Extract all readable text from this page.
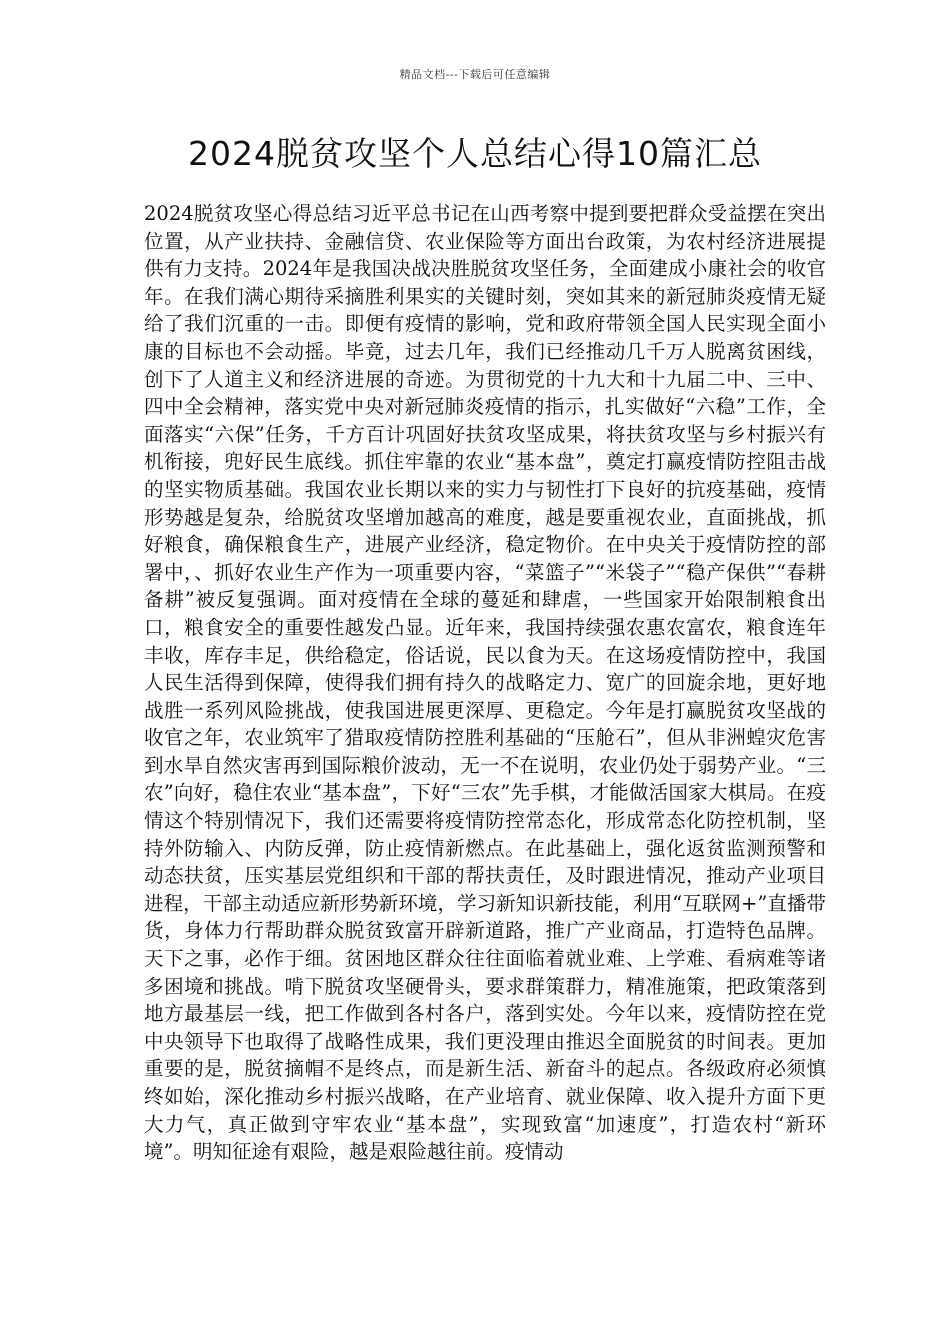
精品文档---下载后可任意编辑
2024脱贫攻坚个人总结心得10篇汇总

2024脱贫攻坚心得总结习近平总书记在山西考察中提到要把群众受益摆在突出位置，从产业扶持、金融信贷、农业保险等方面出台政策，为农村经济进展提供有力支持。2024年是我国决战决胜脱贫攻坚任务，全面建成小康社会的收官年。在我们满心期待采摘胜利果实的关键时刻，突如其来的新冠肺炎疫情无疑给了我们沉重的一击。即便有疫情的影响，党和政府带领全国人民实现全面小康的目标也不会动摇。毕竟，过去几年，我们已经推动几千万人脱离贫困线，创下了人道主义和经济进展的奇迹。为贯彻党的十九大和十九届二中、三中、四中全会精神，落实党中央对新冠肺炎疫情的指示，扎实做好“六稳”工作，全面落实“六保”任务，千方百计巩固好扶贫攻坚成果，将扶贫攻坚与乡村振兴有机衔接，兜好民生底线。抓住牢靠的农业“基本盘”，奠定打赢疫情防控阻击战的坚实物质基础。我国农业长期以来的实力与韧性打下良好的抗疫基础，疫情形势越是复杂，给脱贫攻坚增加越高的难度，越是要重视农业，直面挑战，抓好粮食，确保粮食生产，进展产业经济，稳定物价。在中央关于疫情防控的部署中，、抓好农业生产作为一项重要内容，“菜篮子”“米袋子”“稳产保供”“春耕备耕”被反复强调。面对疫情在全球的蔓延和肆虐，一些国家开始限制粮食出口，粮食安全的重要性越发凸显。近年来，我国持续强农惠农富农，粮食连年丰收，库存丰足，供给稳定，俗话说，民以食为天。在这场疫情防控中，我国人民生活得到保障，使得我们拥有持久的战略定力、宽广的回旋余地，更好地战胜一系列风险挑战，使我国进展更深厚、更稳定。今年是打赢脱贫攻坚战的收官之年，农业筑牢了猎取疫情防控胜利基础的“压舱石”，但从非洲蝗灾危害到水旱自然灾害再到国际粮价波动，无一不在说明，农业仍处于弱势产业。“三农”向好，稳住农业“基本盘”，下好“三农”先手棋，才能做活国家大棋局。在疫情这个特别情况下，我们还需要将疫情防控常态化，形成常态化防控机制，坚持外防输入、内防反弹，防止疫情新燃点。在此基础上，强化返贫监测预警和动态扶贫，压实基层党组织和干部的帮扶责任，及时跟进情况，推动产业项目进程，干部主动适应新形势新环境，学习新知识新技能，利用“互联网+”直播带货，身体力行帮助群众脱贫致富开辟新道路，推广产业商品，打造特色品牌。天下之事，必作于细。贫困地区群众往往面临着就业难、上学难、看病难等诸多困境和挑战。啃下脱贫攻坚硬骨头，要求群策群力，精准施策，把政策落到地方最基层一线，把工作做到各村各户，落到实处。今年以来，疫情防控在党中央领导下也取得了战略性成果，我们更没理由推迟全面脱贫的时间表。更加重要的是，脱贫摘帽不是终点，而是新生活、新奋斗的起点。各级政府必须慎终如始，深化推动乡村振兴战略，在产业培育、就业保障、收入提升方面下更大力气，真正做到守牢农业“基本盘”，实现致富“加速度”，打造农村“新环境”。明知征途有艰险，越是艰险越往前。疫情动
